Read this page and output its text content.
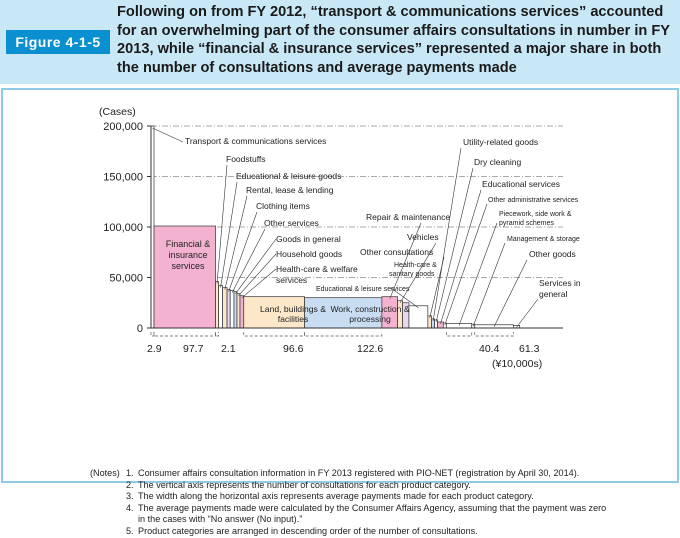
Figure 4-1-5
Following on from FY 2012, “transport & communications services” accounted for an overwhelming part of the consumer affairs consultations in number in FY 2013, while “financial & insurance services” represented a major share in both the number of consultations and average payments made
0
50,000
100,000
150,000
200,000
(Cases)
(¥10,000s)
2.9 97.7 2.1	96.6	122.6	40.4 61.3
Financial &
insurance
services
Land, buildings &
facilities
Work, construction &
processing
Transport & communications services
Foodstuffs
Educational & leisure goods
Rental, lease & lending
Clothing items
Other services
Goods in general
Household goods
Health-care & welfare
services
Repair & maintenance
Vehicles
Other consultations
Health-care &
sanitary goods
Educational & leisure services
Utility-related goods
Dry cleaning
Educational services
Other administrative services
Piecework, side work &
pyramid schemes
Management & storage
Other goods
Services in
general
(Notes) 1. Consumer affairs consultation information in FY 2013 registered with PIO-NET (registration by April 30, 2014).
2. The vertical axis represents the number of consultations for each product category.
3. The width along the horizontal axis represents average payments made for each product category.
4. The average payments made were calculated by the Consumer Affairs Agency, assuming that the payment was zero in the cases with “No answer (No input).”
5. Product categories are arranged in descending order of the number of consultations.
